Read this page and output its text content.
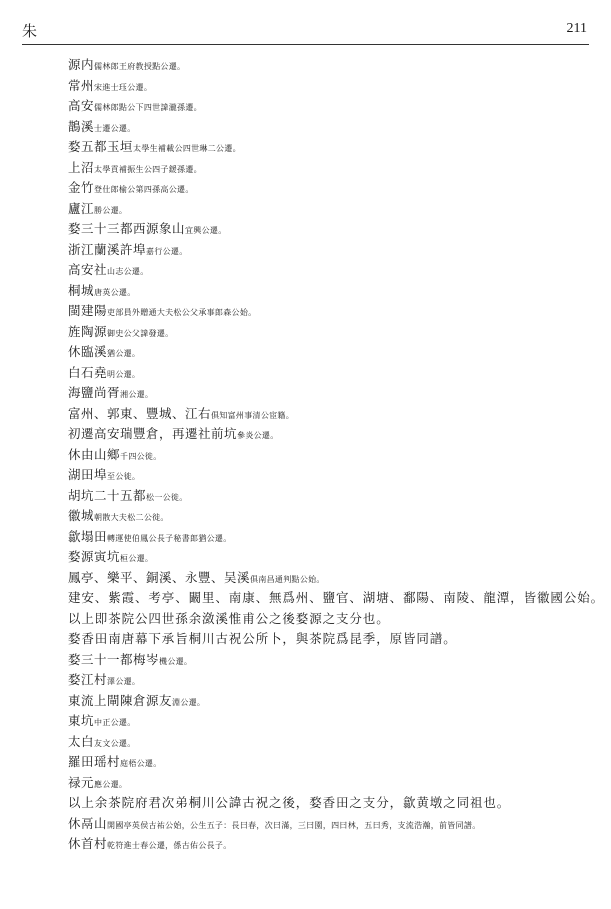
朱	211
源内儒林郎王府教授點公遷。
常州宋進士珏公遷。
高安儒林郎點公下四世諱瀧孫遷。
鵲溪士遷公遷。
婺五都玉垣太學生補載公四世琳二公遷。
上沼太學貢補振生公四子鍰孫遷。
金竹登仕郎榆公第四孫高公遷。
廬江勝公遷。
婺三十三都西源象山宜興公遷。
浙江蘭溪許埠嘉行公遷。
高安社山志公遷。
桐城唐英公遷。
閩建陽吏部員外贈通大夫松公父承事郎森公始。
旌陶源御史公父諱發遷。
休臨溪猶公遷。
白石堯明公遷。
海鹽尚胥湘公遷。
富州、郭東、豐城、江右俱知富州事清公宦籍。
初遷高安瑞豐倉，再遷社前坑參炎公遷。
休由山鄉千四公徙。
湖田埠至公徙。
胡坑二十五都松一公徙。
徽城朝散大夫松二公徙。
歙塌田轉運使伯鳳公長子秘書郎猶公遷。
婺源寅坑桓公遷。
鳳亭、樂平、銅溪、永豐、吴溪俱南昌通判點公始。
建安、紫霞、考亭、闞里、南康、無爲州、鹽官、湖塘、鄱陽、南陵、龍潭，皆徽國公始。
以上即茶院公四世孫余潋溪惟甫公之後婺源之支分也。
婺香田南唐幕下承旨桐川古祝公所卜，與茶院爲昆季，原皆同譜。
婺三十一都梅岑機公遷。
婺江村澤公遷。
東流上閘陳倉源友淵公遷。
東坑中正公遷。
太白友文公遷。
羅田瑶村庭梧公遷。
禄元應公遷。
以上余茶院府君次弟桐川公諱古祝之後，婺香田之支分，歙黄墩之同祖也。
休鬲山開國亭英侯古祐公始，公生五子：長曰春，次曰滿，三曰園，四曰林，五曰秀，支流浩瀚，前皆同譜。
休首村乾符進士春公遷，係古佑公長子。
